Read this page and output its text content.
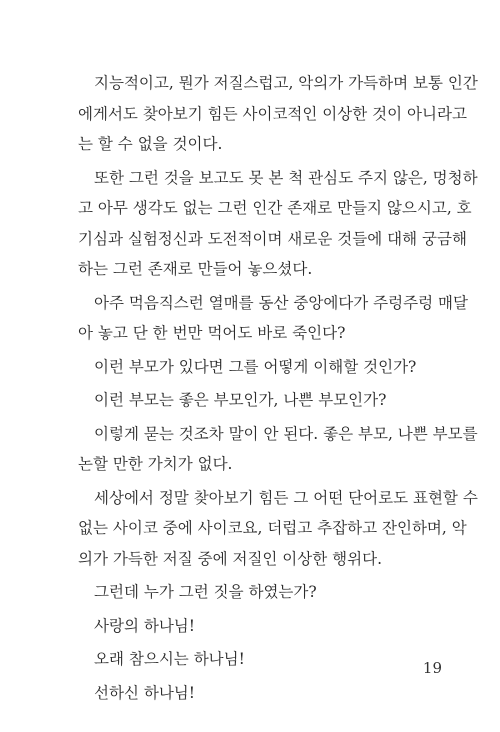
지능적이고, 뭔가 저질스럽고, 악의가 가득하며 보통 인간
에게서도 찾아보기 힘든 사이코적인 이상한 것이 아니라고
는 할 수 없을 것이다.

또한 그런 것을 보고도 못 본 척 관심도 주지 않은, 멍청하
고 아무 생각도 없는 그런 인간 존재로 만들지 않으시고, 호
기심과 실험정신과 도전적이며 새로운 것들에 대해 궁금해
하는 그런 존재로 만들어 놓으셨다.

아주 먹음직스런 열매를 동산 중앙에다가 주렁주렁 매달
아 놓고 단 한 번만 먹어도 바로 죽인다?

이런 부모가 있다면 그를 어떻게 이해할 것인가?

이런 부모는 좋은 부모인가, 나쁜 부모인가?

이렇게 묻는 것조차 말이 안 된다. 좋은 부모, 나쁜 부모를
논할 만한 가치가 없다.

세상에서 정말 찾아보기 힘든 그 어떤 단어로도 표현할 수
없는 사이코 중에 사이코요, 더럽고 추잡하고 잔인하며, 악
의가 가득한 저질 중에 저질인 이상한 행위다.

그런데 누가 그런 짓을 하였는가?

사랑의 하나님!

오래 참으시는 하나님!

선하신 하나님!

19
